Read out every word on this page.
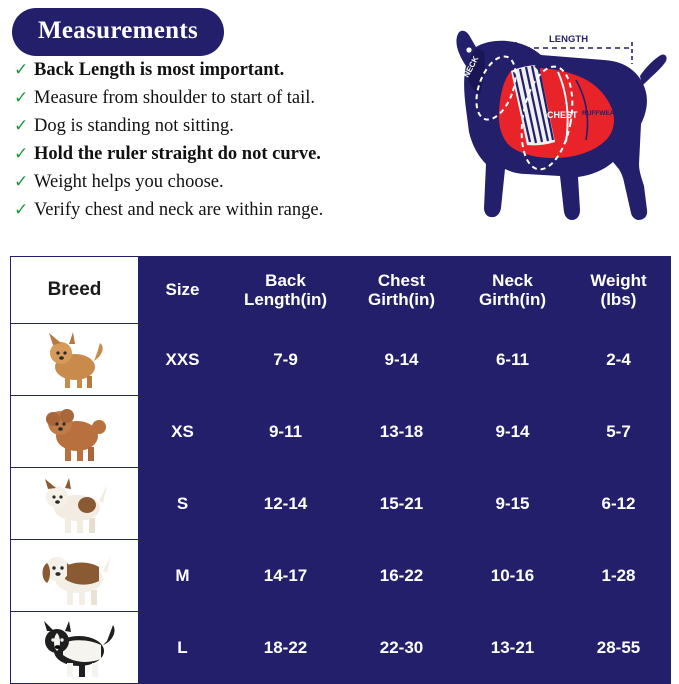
Measurements
✓ Back Length is most important.
✓ Measure from shoulder to start of tail.
✓ Dog is standing not sitting.
✓ Hold the ruler straight do not curve.
✓ Weight helps you choose.
✓ Verify chest and neck are within range.
CHEST RUFFWEAR
NECK
LENGTH
Breed	Size	
Back
Length(in)

Chest
Girth(in)

Neck
Girth(in)

Weight
(lbs)

	XXS	7-9	9-14	6-11	2-4

	XS	9-11	13-18	9-14	5-7

	S	12-14	15-21	9-15	6-12

	M	14-17	16-22	10-16	1-28

	L	18-22	22-30	13-21	28-55
